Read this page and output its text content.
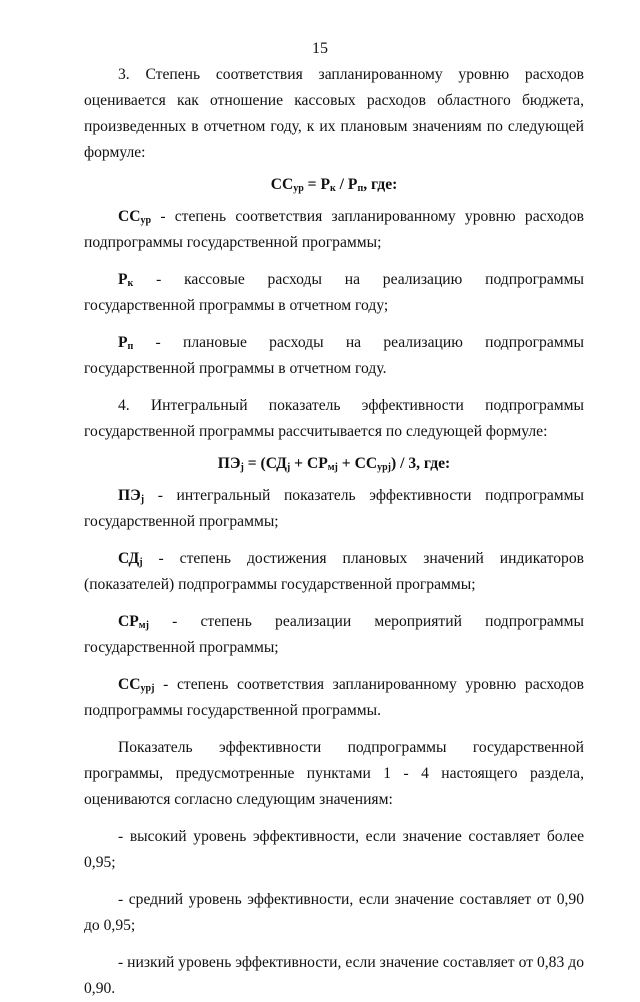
15

3. Степень соответствия запланированному уровню расходов оценивается как отношение кассовых расходов областного бюджета, произведенных в отчетном году, к их плановым значениям по следующей формуле:

$СС_{ур} = Р_к / Р_п$, где:

$СС_{ур}$ - степень соответствия запланированному уровню расходов подпрограммы государственной программы;

$Р_к$ - кассовые расходы на реализацию подпрограммы государственной программы в отчетном году;

$Р_п$ - плановые расходы на реализацию подпрограммы государственной программы в отчетном году.

4. Интегральный показатель эффективности подпрограммы государственной программы рассчитывается по следующей формуле:

$ПЭ_j = (СД_j + СР_{мj} + СС_{урj}) / 3$, где:

$ПЭ_j$ - интегральный показатель эффективности подпрограммы государственной программы;

$СД_j$ - степень достижения плановых значений индикаторов (показателей) подпрограммы государственной программы;

$СР_{мj}$ - степень реализации мероприятий подпрограммы государственной программы;

$СС_{урj}$ - степень соответствия запланированному уровню расходов подпрограммы государственной программы.

Показатель эффективности подпрограммы государственной программы, предусмотренные пунктами 1 - 4 настоящего раздела, оцениваются согласно следующим значениям:

- высокий уровень эффективности, если значение составляет более 0,95;

- средний уровень эффективности, если значение составляет от 0,90 до 0,95;

- низкий уровень эффективности, если значение составляет от 0,83 до 0,90.
